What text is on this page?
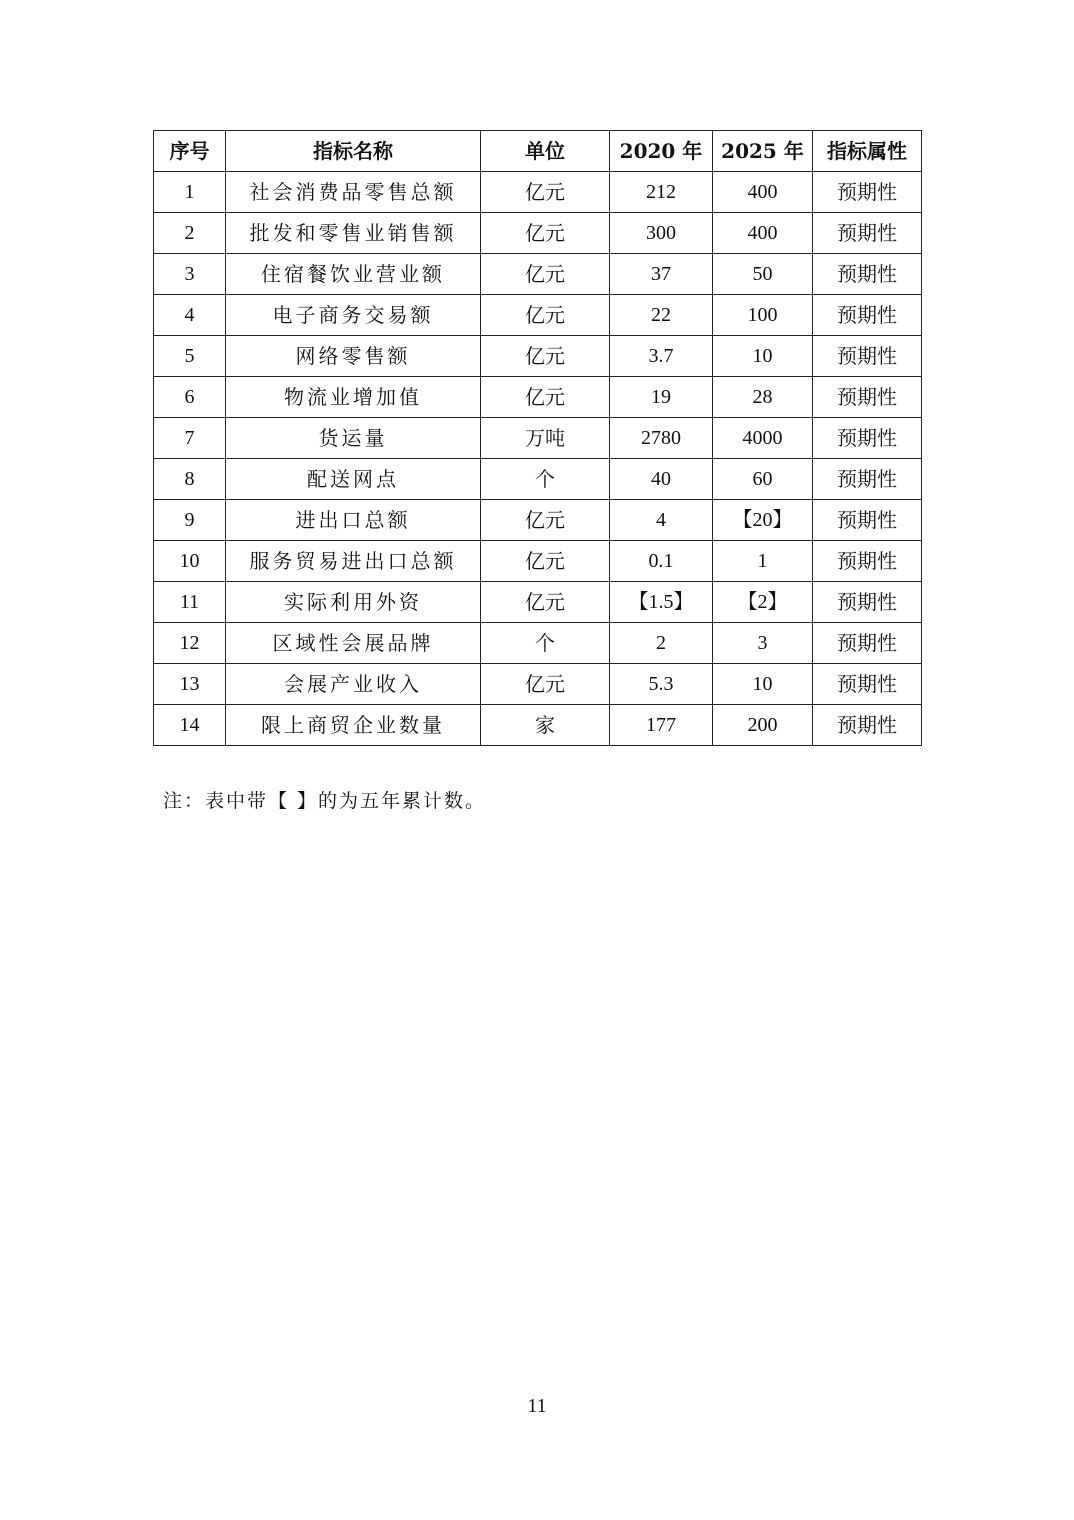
序号	指标名称	单位	2020 年	2025 年	指标属性
1	社会消费品零售总额	亿元	212	400	预期性
2	批发和零售业销售额	亿元	300	400	预期性
3	住宿餐饮业营业额	亿元	37	50	预期性
4	电子商务交易额	亿元	22	100	预期性
5	网络零售额	亿元	3.7	10	预期性
6	物流业增加值	亿元	19	28	预期性
7	货运量	万吨	2780	4000	预期性
8	配送网点	个	40	60	预期性
9	进出口总额	亿元	4	【20】	预期性
10	服务贸易进出口总额	亿元	0.1	1	预期性
11	实际利用外资	亿元	【1.5】	【2】	预期性
12	区域性会展品牌	个	2	3	预期性
13	会展产业收入	亿元	5.3	10	预期性
14	限上商贸企业数量	家	177	200	预期性
注：表中带【 】的为五年累计数。
11
